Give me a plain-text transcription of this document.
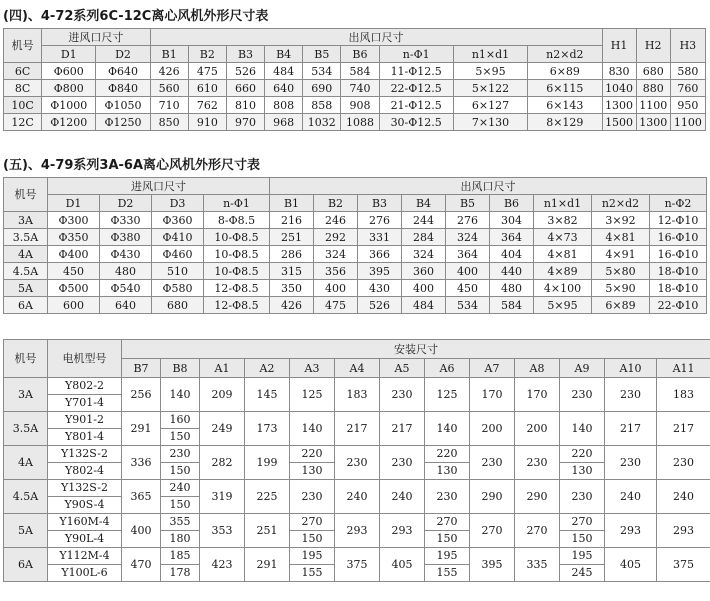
(四)、4-72系列6C-12C离心风机外形尺寸表
机号	进风口尺寸		出风口尺寸									H1	H2	H3
	D1	D2	B1	B2	B3	B4	B5	B6	n-Φ1	n1×d1	n2×d2			
6C	Φ600	Φ640	426	475	526	484	534	584	11-Φ12.5	5×95	6×89	830	680	580
8C	Φ800	Φ840	560	610	660	640	690	740	22-Φ12.5	5×122	6×115	1040	880	760
10C	Φ1000	Φ1050	710	762	810	808	858	908	21-Φ12.5	6×127	6×143	1300	1100	950
12C	Φ1200	Φ1250	850	910	970	968	1032	1088	30-Φ12.5	7×130	8×129	1500	1300	1100
(五)、4-79系列3A-6A离心风机外形尺寸表
机号	进风口尺寸				出风口尺寸								
	D1	D2	D3	n-Φ1	B1	B2	B3	B4	B5	B6	n1×d1	n2×d2	n-Φ2
3A	Φ300	Φ330	Φ360	8-Φ8.5	216	246	276	244	276	304	3×82	3×92	12-Φ10
3.5A	Φ350	Φ380	Φ410	10-Φ8.5	251	292	331	284	324	364	4×73	4×81	16-Φ10
4A	Φ400	Φ430	Φ460	10-Φ8.5	286	324	366	324	364	404	4×81	4×91	16-Φ10
4.5A	450	480	510	10-Φ8.5	315	356	395	360	400	440	4×89	5×80	18-Φ10
5A	Φ500	Φ540	Φ580	12-Φ8.5	350	400	430	400	450	480	4×100	5×90	18-Φ10
6A	600	640	680	12-Φ8.5	426	475	526	484	534	584	5×95	6×89	22-Φ10
机号	电机型号	安装尺寸												
		B7	B8	A1	A2	A3	A4	A5	A6	A7	A8	A9	A10	A11
3A	Y802-2	256	140	209	145	125	183	230	125	170	170	230	230	183
	Y701-4													
3.5A	Y901-2	291	160	249	173	140	217	217	140	200	200	140	217	217
	Y801-4		150											
4A	Y132S-2	336	230	282	199	220	230	230	220	230	230	220	230	230
	Y802-4		150			130			130			130		
4.5A	Y132S-2	365	240	319	225	230	240	240	230	290	290	230	240	240
	Y90S-4		150											
5A	Y160M-4	400	355	353	251	270	293	293	270	270	270	270	293	293
	Y90L-4		180			150			150			150		
6A	Y112M-4	470	185	423	291	195	375	405	195	395	335	195	405	375
	Y100L-6		178			155			155			245		
